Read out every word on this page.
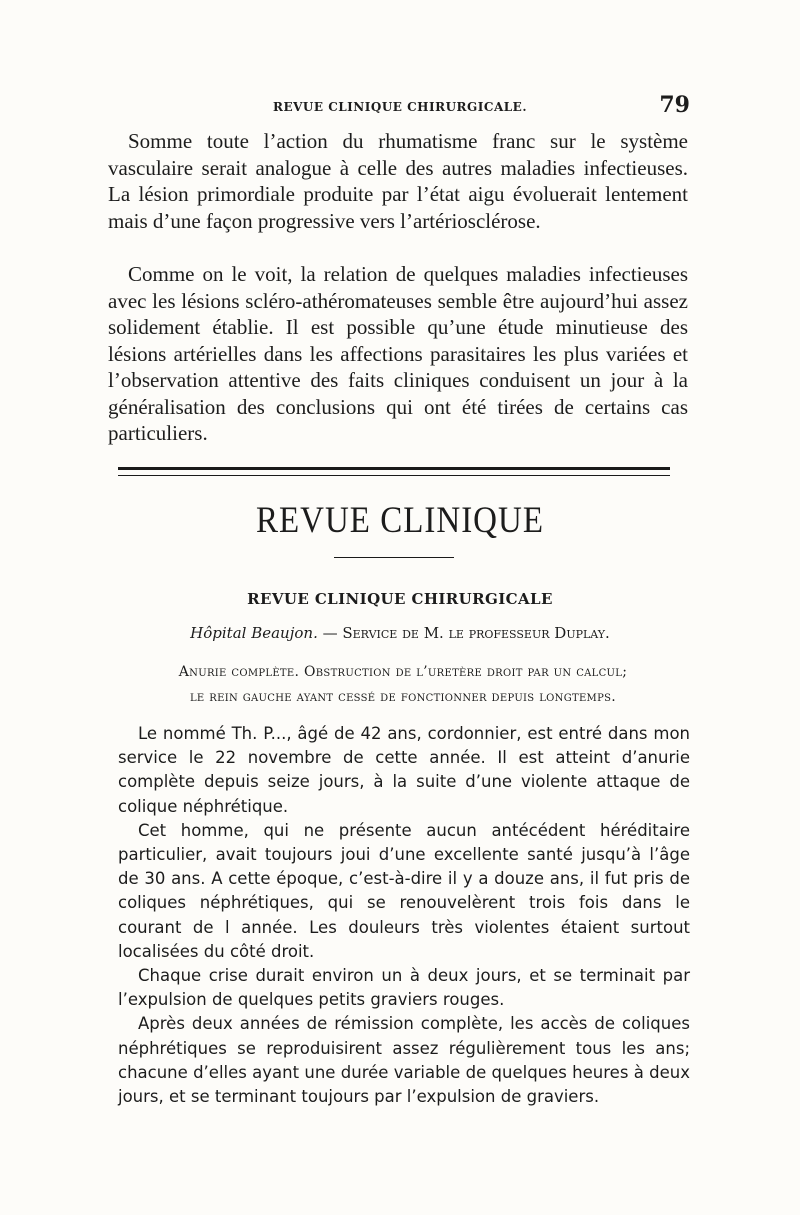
REVUE CLINIQUE CHIRURGICALE.	79

Somme toute l’action du rhumatisme franc sur le système vasculaire serait analogue à celle des autres maladies infectieuses. La lésion primordiale produite par l’état aigu évoluerait lentement mais d’une façon progressive vers l’artériosclérose.

Comme on le voit, la relation de quelques maladies infectieuses avec les lésions scléro-athéromateuses semble être aujourd’hui assez solidement établie. Il est possible qu’une étude minutieuse des lésions artérielles dans les affections parasitaires les plus variées et l’observation attentive des faits cliniques conduisent un jour à la généralisation des conclusions qui ont été tirées de certains cas particuliers.

REVUE CLINIQUE
REVUE CLINIQUE CHIRURGICALE
Hôpital Beaujon. — Service de M. le professeur Duplay.
Anurie complète. Obstruction de l’uretère droit par un calcul;
le rein gauche ayant cessé de fonctionner depuis longtemps.

Le nommé Th. P..., âgé de 42 ans, cordonnier, est entré dans mon service le 22 novembre de cette année. Il est atteint d’anurie complète depuis seize jours, à la suite d’une violente attaque de colique néphrétique.

Cet homme, qui ne présente aucun antécédent héréditaire particulier, avait toujours joui d’une excellente santé jusqu’à l’âge de 30 ans. A cette époque, c’est-à-dire il y a douze ans, il fut pris de coliques néphrétiques, qui se renouvelèrent trois fois dans le courant de l année. Les douleurs très violentes étaient surtout localisées du côté droit.

Chaque crise durait environ un à deux jours, et se terminait par l’expulsion de quelques petits graviers rouges.

Après deux années de rémission complète, les accès de coliques néphrétiques se reproduisirent assez régulièrement tous les ans; chacune d’elles ayant une durée variable de quelques heures à deux jours, et se terminant toujours par l’expulsion de graviers.
